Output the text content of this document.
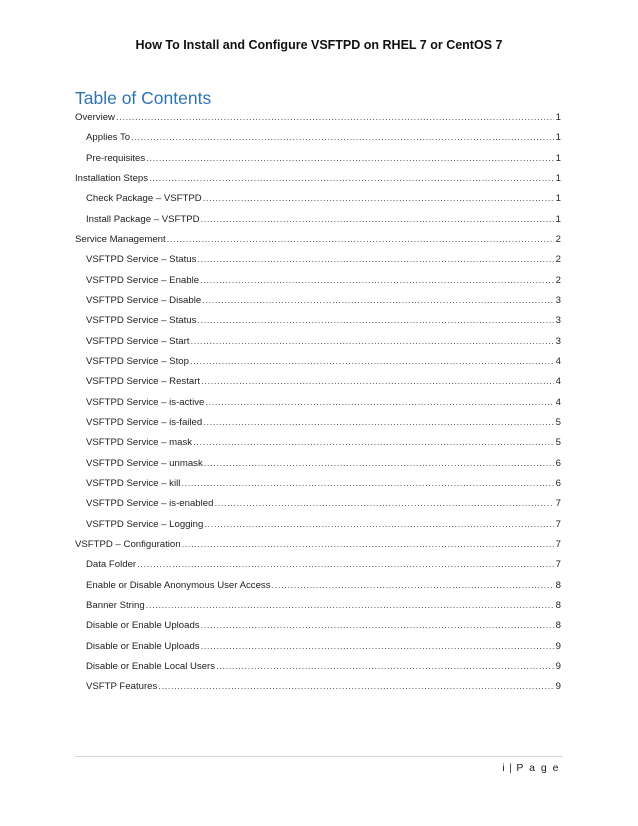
How To Install and Configure VSFTPD on RHEL 7 or CentOS 7
Table of Contents
Overview .....	1
Applies To .....	1
Pre-requisites .....	1
Installation Steps .....	1
Check Package – VSFTPD .....	1
Install Package – VSFTPD .....	1
Service Management .....	2
VSFTPD Service – Status .....	2
VSFTPD Service – Enable .....	2
VSFTPD Service – Disable .....	3
VSFTPD Service – Status .....	3
VSFTPD Service – Start .....	3
VSFTPD Service – Stop .....	4
VSFTPD Service – Restart .....	4
VSFTPD Service – is-active .....	4
VSFTPD Service – is-failed .....	5
VSFTPD Service – mask .....	5
VSFTPD Service – unmask .....	6
VSFTPD Service – kill .....	6
VSFTPD Service – is-enabled .....	7
VSFTPD Service – Logging .....	7
VSFTPD – Configuration .....	7
Data Folder .....	7
Enable or Disable Anonymous User Access .....	8
Banner String .....	8
Disable or Enable Uploads .....	8
Disable or Enable Uploads .....	9
Disable or Enable Local Users .....	9
VSFTP Features .....	9
i | P a g e
